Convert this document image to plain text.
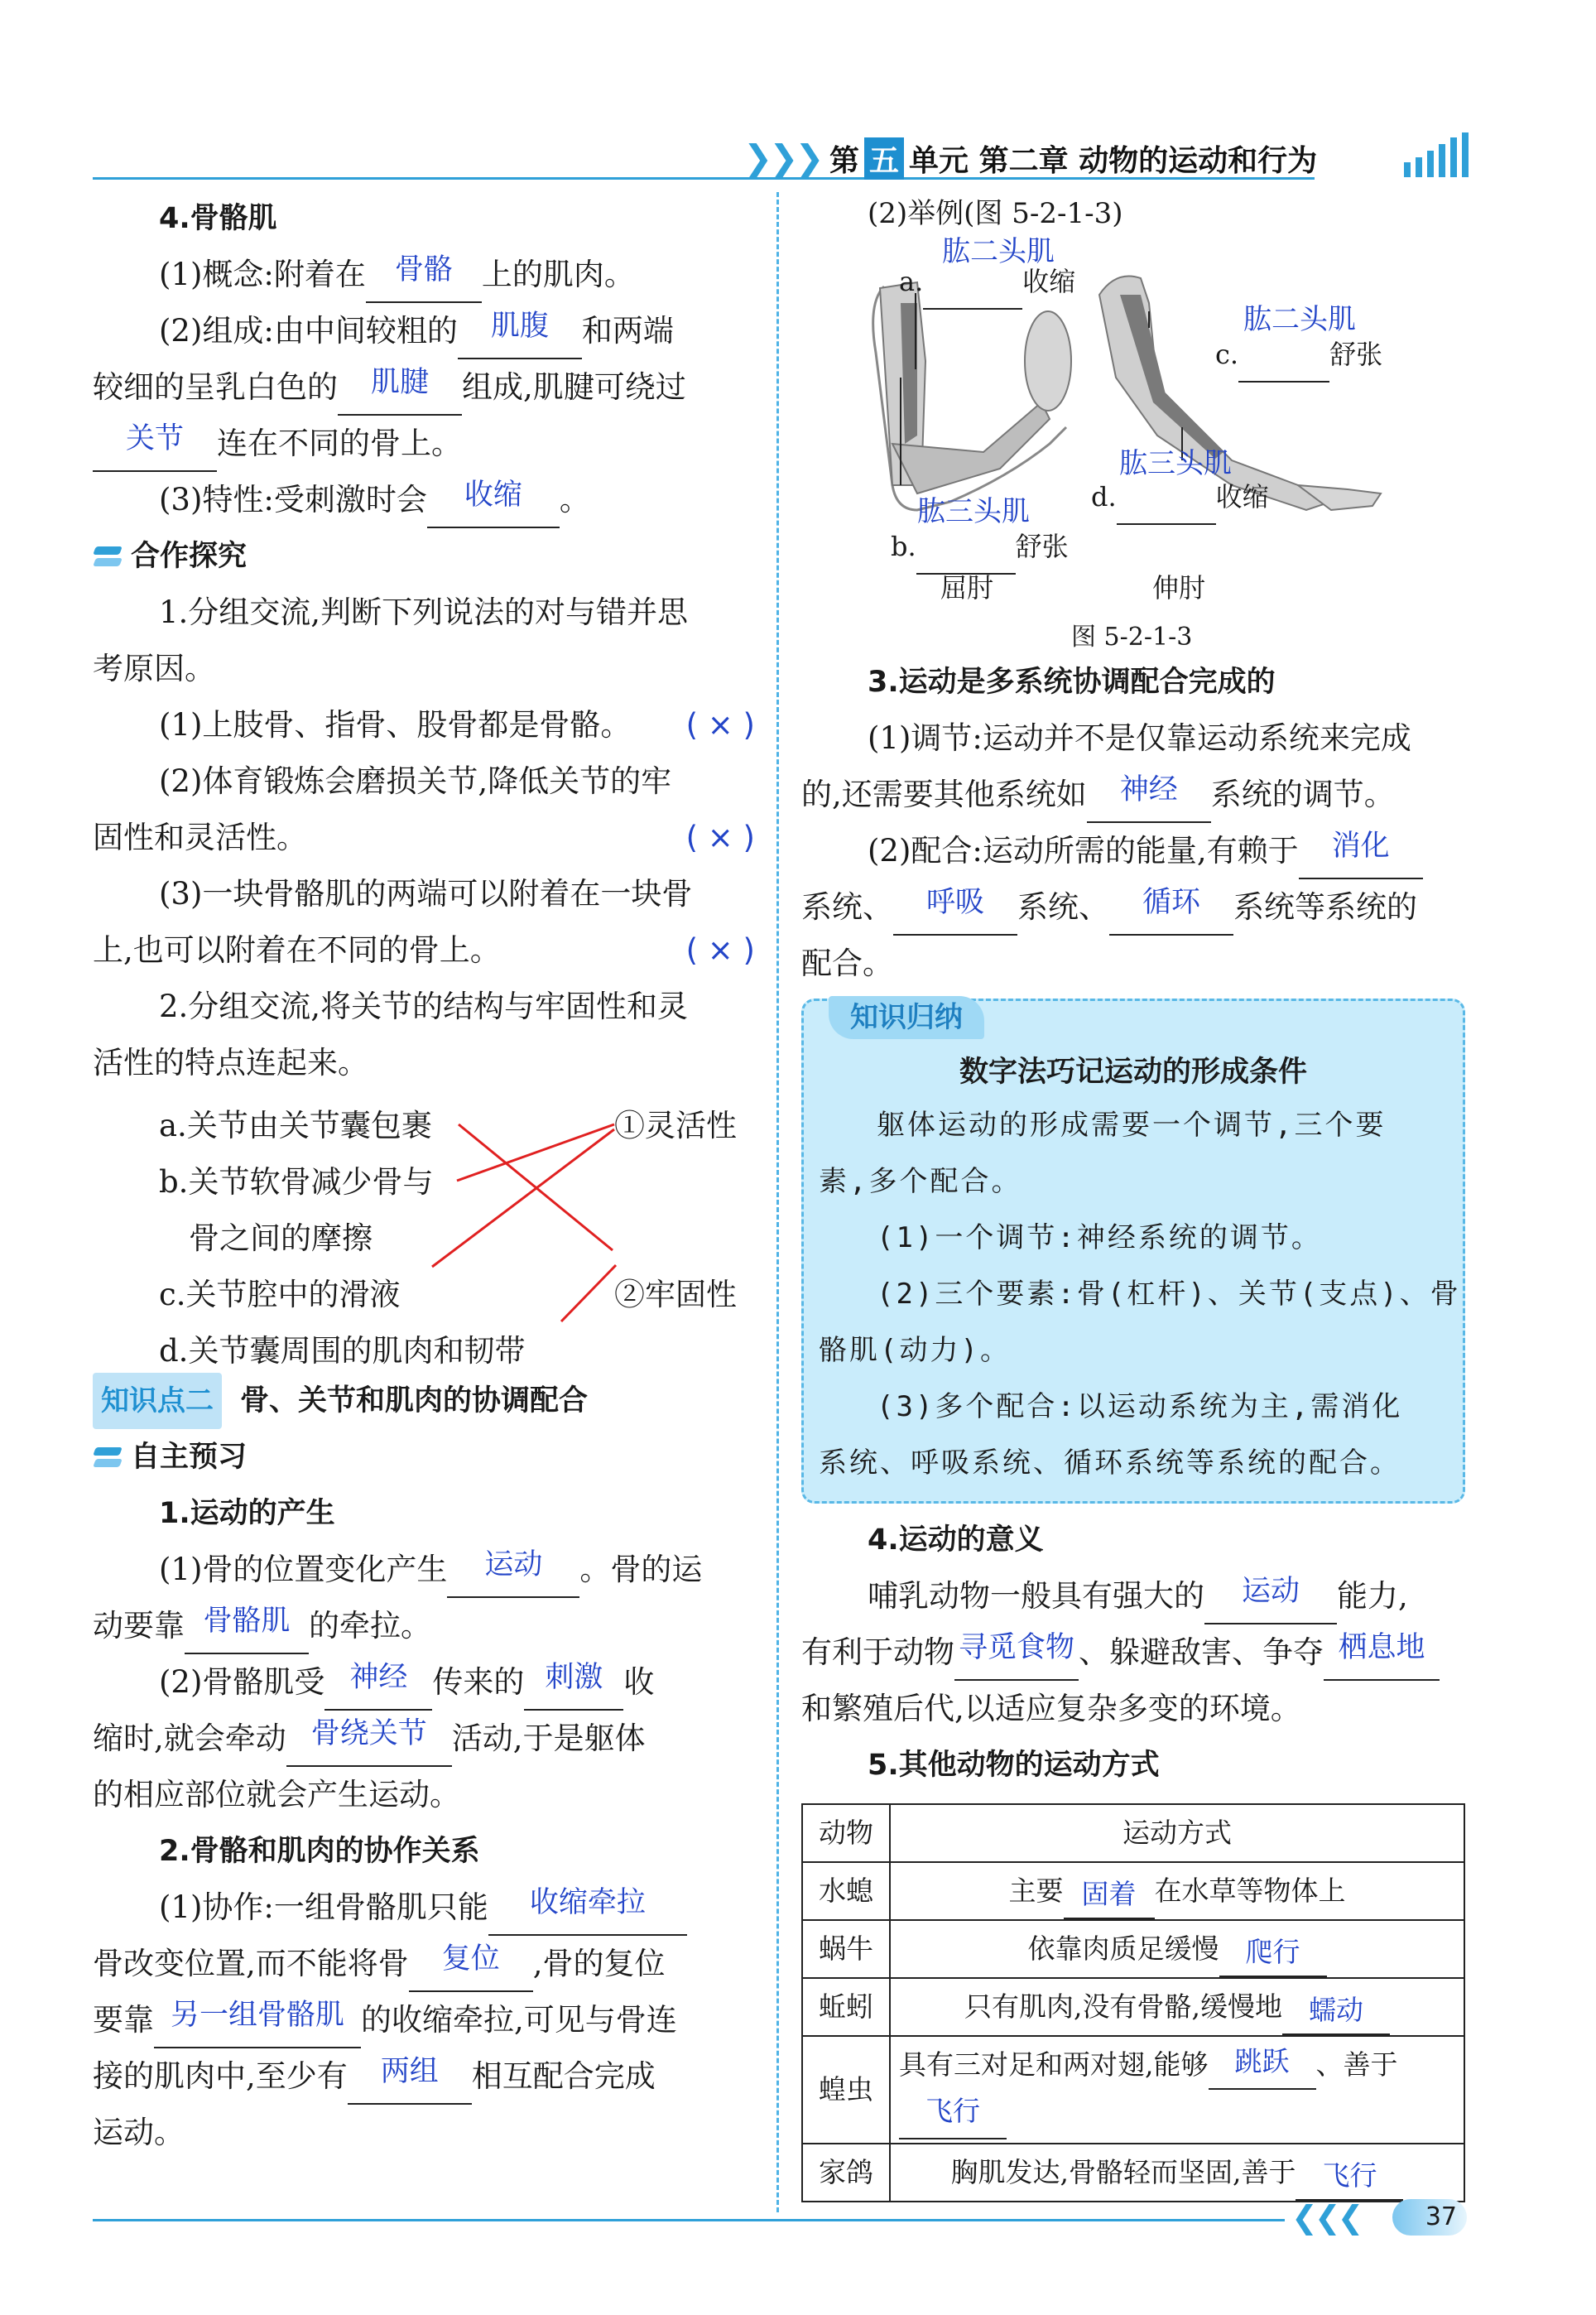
❯❯❯ 第 五 单元 第二章 动物的运动和行为
4.骨骼肌
(1)概念:附着在 骨骼 上的肌肉。
(2)组成:由中间较粗的	肌腹	和两端
较细的呈乳白色的	肌腱	组成,肌腱可绕过
关节	连在不同的骨上。
(3)特性:受刺激时会	收缩	。
合作探究
1.分组交流,判断下列说法的对与错并思
考原因。
(1)上肢骨、指骨、股骨都是骨骼。 ( × )
(2)体育锻炼会磨损关节,降低关节的牢
固性和灵活性。	( × )
(3)一块骨骼肌的两端可以附着在一块骨
上,也可以附着在不同的骨上。	( × )
2.分组交流,将关节的结构与牢固性和灵
活性的特点连起来。
a.关节由关节囊包裹
b.关节软骨减少骨与
骨之间的摩擦
c.关节腔中的滑液
d.关节囊周围的肌肉和韧带
①灵活性
②牢固性
知识点二 骨、关节和肌肉的协调配合
自主预习
1.运动的产生
(1)骨的位置变化产生	运动	。骨的运
动要靠 骨骼肌 的牵拉。
(2)骨骼肌受 神经 传来的 刺激 收
缩时,就会牵动 骨绕关节 活动,于是躯体
的相应部位就会产生运动。
2.骨骼和肌肉的协作关系
(1)协作:一组骨骼肌只能	收缩牵拉
骨改变位置,而不能将骨	复位	,骨的复位
要靠 另一组骨骼肌 的收缩牵拉,可见与骨连
接的肌肉中,至少有	两组	相互配合完成
运动。
(2)举例(图 5-2-1-3)
肱二头肌
a.	收缩
肱二头肌
c.	舒张
肱三头肌
d.	收缩
肱三头肌
b.	舒张
屈肘	伸肘
图 5-2-1-3
3.运动是多系统协调配合完成的
(1)调节:运动并不是仅靠运动系统来完成
的,还需要其他系统如	神经	系统的调节。
(2)配合:运动所需的能量,有赖于	消化
系统、	呼吸	系统、	循环	系统等系统的
配合。
知识归纳
数字法巧记运动的形成条件
躯体运动的形成需要一个调节,三个要
素,多个配合。
(1)一个调节:神经系统的调节。
(2)三个要素:骨(杠杆)、关节(支点)、骨
骼肌(动力)。
(3)多个配合:以运动系统为主,需消化
系统、呼吸系统、循环系统等系统的配合。
4.运动的意义
哺乳动物一般具有强大的	运动	能力,
有利于动物 寻觅食物 、躲避敌害、争夺 栖息地
和繁殖后代,以适应复杂多变的环境。
5.其他动物的运动方式
动物	运动方式
水螅	主要 固着 在水草等物体上
蜗牛	依靠肉质足缓慢 爬行

蚯蚓	只有肌肉,没有骨骼,缓慢地 蠕动

蝗虫	具有三对足和两对翅,能够 跳跃 、善于

飞行

家鸽	胸肌发达,骨骼轻而坚固,善于 飞行
❮❮❮	37
